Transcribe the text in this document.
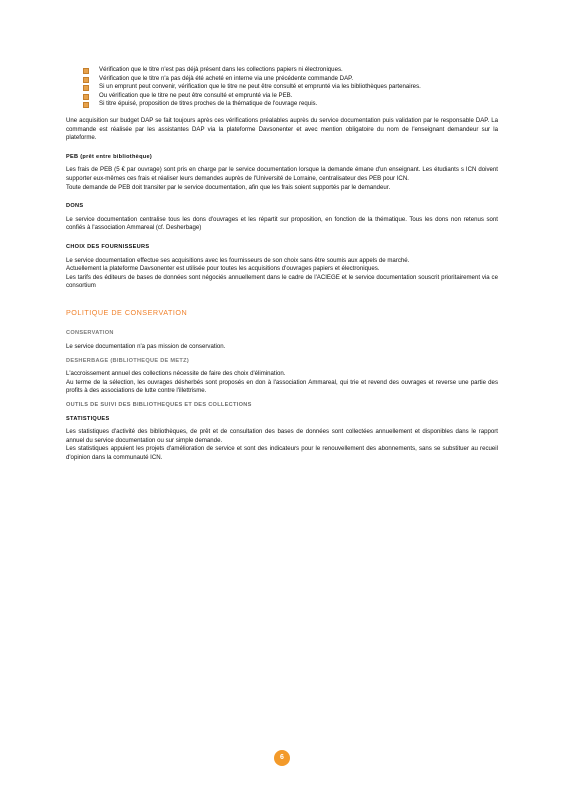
Vérification que le titre n'est pas déjà présent dans les collections papiers ni électroniques.
Vérification que le titre n'a pas déjà été acheté en interne via une précédente commande DAP.
Si un emprunt peut convenir, vérification que le titre ne peut être consulté et emprunté via les bibliothèques partenaires.
Ou vérification que le titre ne peut être consulté et emprunté via le PEB.
Si titre épuisé, proposition de titres proches de la thématique de l'ouvrage requis.

Une acquisition sur budget DAP se fait toujours après ces vérifications préalables auprès du service documentation puis validation par le responsable DAP. La commande est réalisée par les assistantes DAP via la plateforme Davsonenter et avec mention obligatoire du nom de l'enseignant demandeur sur la plateforme.

PEB (prêt entre bibliothèque)

Les frais de PEB (5 € par ouvrage) sont pris en charge par le service documentation lorsque la demande émane d'un enseignant. Les étudiants s ICN doivent supporter eux-mêmes ces frais et réaliser leurs demandes auprès de l'Université de Lorraine, centralisateur des PEB pour ICN.

Toute demande de PEB doit transiter par le service documentation, afin que les frais soient supportés par le demandeur.

DONS

Le service documentation centralise tous les dons d'ouvrages et les répartit sur proposition, en fonction de la thématique. Tous les dons non retenus sont confiés à l'association Ammareal (cf. Desherbage)

CHOIX DES FOURNISSEURS

Le service documentation effectue ses acquisitions avec les fournisseurs de son choix sans être soumis aux appels de marché.

Actuellement la plateforme Davsonenter est utilisée pour toutes les acquisitions d'ouvrages papiers et électroniques.

Les tarifs des éditeurs de bases de données sont négociés annuellement dans le cadre de l'ACIEGE et le service documentation souscrit prioritairement via ce consortium

POLITIQUE DE CONSERVATION
CONSERVATION

Le service documentation n'a pas mission de conservation.

DESHERBAGE (BIBLIOTHEQUE DE METZ)

L'accroissement annuel des collections nécessite de faire des choix d'élimination.

Au terme de la sélection, les ouvrages désherbés sont proposés en don à l'association Ammareal, qui trie et revend des ouvrages et reverse une partie des profits à des associations de lutte contre l'illettrisme.

OUTILS DE SUIVI DES BIBLIOTHEQUES ET DES COLLECTIONS
STATISTIQUES

Les statistiques d'activité des bibliothèques, de prêt et de consultation des bases de données sont collectées annuellement et disponibles dans le rapport annuel du service documentation ou sur simple demande.

Les statistiques appuient les projets d'amélioration de service et sont des indicateurs pour le renouvellement des abonnements, sans se substituer au recueil d'opinion dans la communauté ICN.

6
